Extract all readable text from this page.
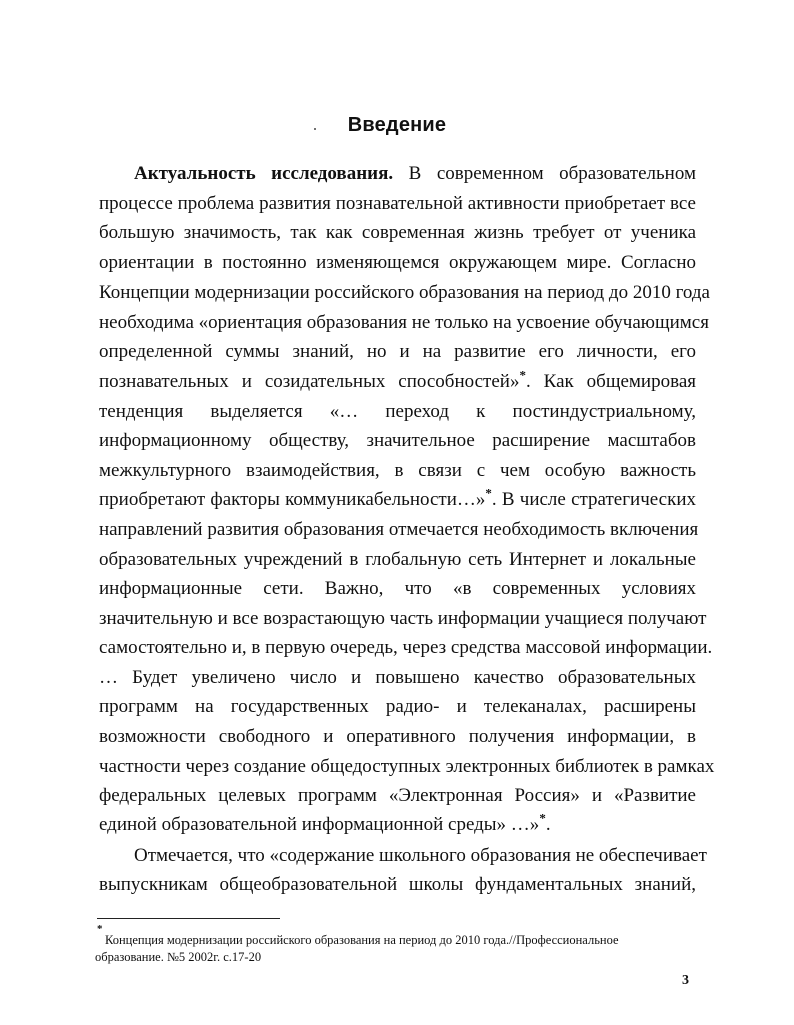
Введение
Актуальность исследования. В современном образовательном
процессе проблема развития познавательной активности приобретает все
большую значимость, так как современная жизнь требует от ученика
ориентации в постоянно изменяющемся окружающем мире. Согласно
Концепции модернизации российского образования на период до 2010 года
необходима «ориентация образования не только на усвоение обучающимся
определенной суммы знаний, но и на развитие его личности, его
познавательных и созидательных способностей»*. Как общемировая
тенденция выделяется «… переход к постиндустриальному,
информационному обществу, значительное расширение масштабов
межкультурного взаимодействия, в связи с чем особую важность
приобретают факторы коммуникабельности…»*. В числе стратегических
направлений развития образования отмечается необходимость включения
образовательных учреждений в глобальную сеть Интернет и локальные
информационные сети. Важно, что «в современных условиях
значительную и все возрастающую часть информации учащиеся получают
самостоятельно и, в первую очередь, через средства массовой информации.
… Будет увеличено число и повышено качество образовательных
программ на государственных радио- и телеканалах, расширены
возможности свободного и оперативного получения информации, в
частности через создание общедоступных электронных библиотек в рамках
федеральных целевых программ «Электронная Россия» и «Развитие
единой образовательной информационной среды» …»*.
Отмечается, что «содержание школьного образования не обеспечивает
выпускникам общеобразовательной школы фундаментальных знаний,
*
Концепция модернизации российского образования на период до 2010 года.//Профессиональное
образование. №5 2002г. с.17-20
3
